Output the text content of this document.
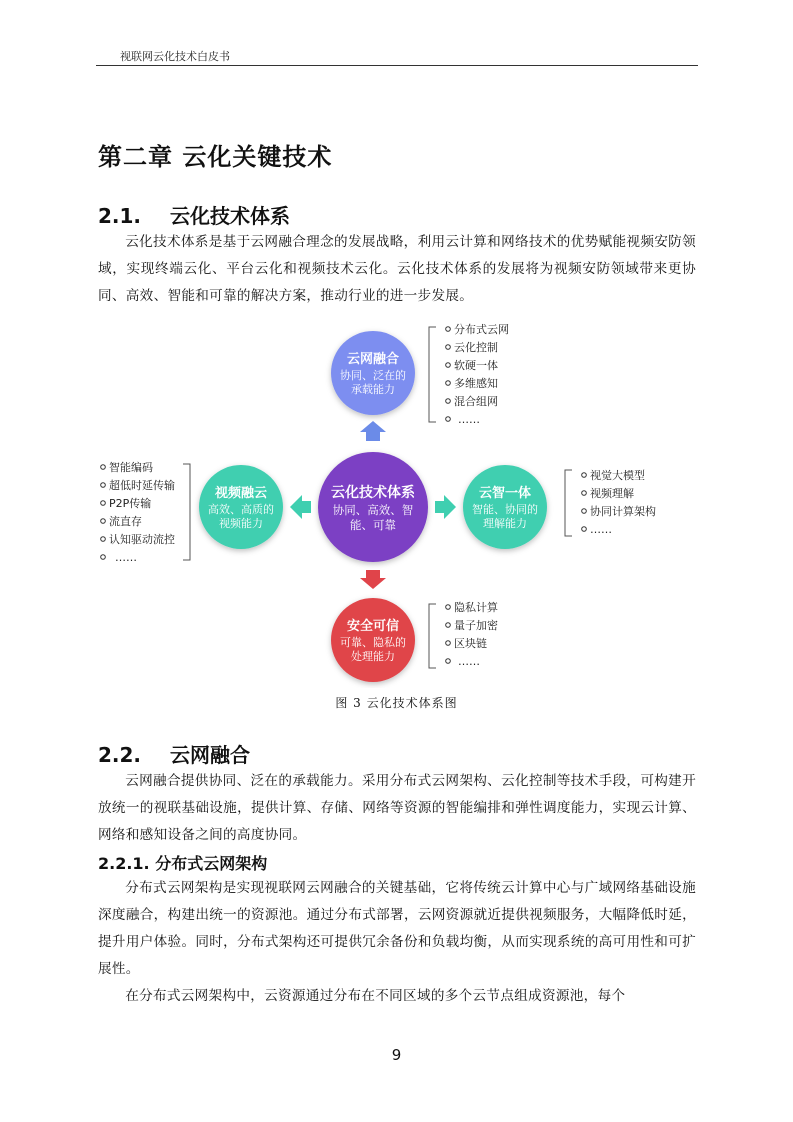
视联网云化技术白皮书
第二章 云化关键技术
2.1. 云化技术体系
云化技术体系是基于云网融合理念的发展战略，利用云计算和网络技术的优势赋能视频安防领域，实现终端云化、平台云化和视频技术云化。云化技术体系的发展将为视频安防领域带来更协同、高效、智能和可靠的解决方案，推动行业的进一步发展。
云网融合
协同、泛在的
承载能力
云化技术体系
协同、高效、智
能、可靠
视频融云
高效、高质的
视频能力
云智一体
智能、协同的
理解能力
安全可信
可靠、隐私的
处理能力
分布式云网
云化控制
软硬一体
多维感知
混合组网
……
智能编码
超低时延传输
P2P传输
流直存
认知驱动流控
……
视觉大模型
视频理解
协同计算架构
……
隐私计算
量子加密
区块链
……
图 3 云化技术体系图
2.2. 云网融合
云网融合提供协同、泛在的承载能力。采用分布式云网架构、云化控制等技术手段，可构建开放统一的视联基础设施，提供计算、存储、网络等资源的智能编排和弹性调度能力，实现云计算、网络和感知设备之间的高度协同。
2.2.1. 分布式云网架构
分布式云网架构是实现视联网云网融合的关键基础，它将传统云计算中心与广域网络基础设施深度融合，构建出统一的资源池。通过分布式部署，云网资源就近提供视频服务，大幅降低时延，提升用户体验。同时，分布式架构还可提供冗余备份和负载均衡，从而实现系统的高可用性和可扩展性。
在分布式云网架构中，云资源通过分布在不同区域的多个云节点组成资源池，每个
9
